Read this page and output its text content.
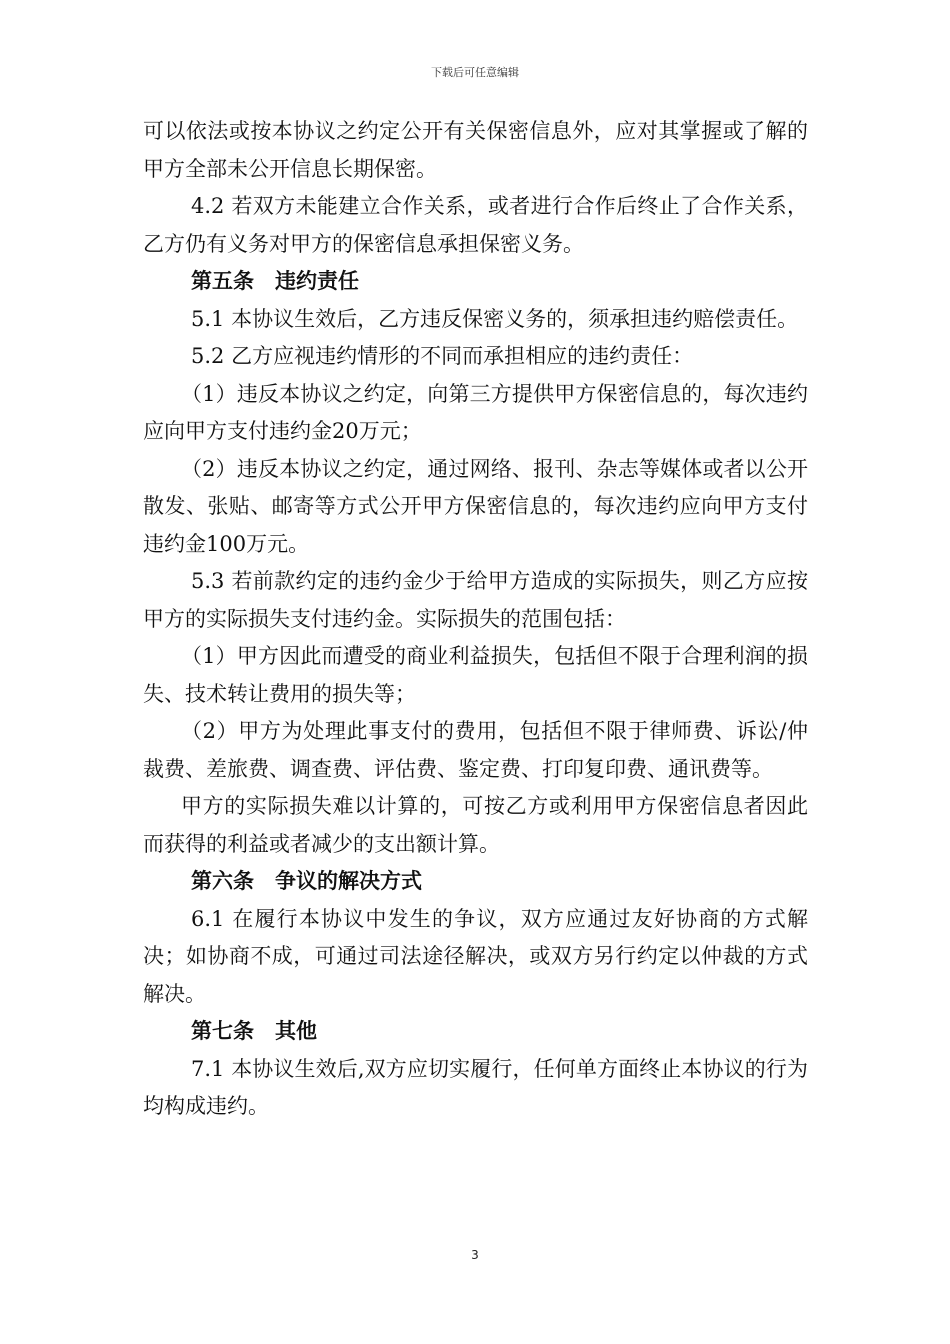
下载后可任意编辑

可以依法或按本协议之约定公开有关保密信息外，应对其掌握或了解的甲方全部未公开信息长期保密。

4.2 若双方未能建立合作关系，或者进行合作后终止了合作关系，乙方仍有义务对甲方的保密信息承担保密义务。

第五条　违约责任

5.1 本协议生效后，乙方违反保密义务的，须承担违约赔偿责任。

5.2 乙方应视违约情形的不同而承担相应的违约责任：

（1）违反本协议之约定，向第三方提供甲方保密信息的，每次违约应向甲方支付违约金20万元；

（2）违反本协议之约定，通过网络、报刊、杂志等媒体或者以公开散发、张贴、邮寄等方式公开甲方保密信息的，每次违约应向甲方支付违约金100万元。

5.3 若前款约定的违约金少于给甲方造成的实际损失，则乙方应按甲方的实际损失支付违约金。实际损失的范围包括：

（1）甲方因此而遭受的商业利益损失，包括但不限于合理利润的损失、技术转让费用的损失等；

（2）甲方为处理此事支付的费用，包括但不限于律师费、诉讼/仲裁费、差旅费、调查费、评估费、鉴定费、打印复印费、通讯费等。

甲方的实际损失难以计算的，可按乙方或利用甲方保密信息者因此而获得的利益或者减少的支出额计算。

第六条　争议的解决方式

6.1 在履行本协议中发生的争议，双方应通过友好协商的方式解决；如协商不成，可通过司法途径解决，或双方另行约定以仲裁的方式解决。

第七条　其他

7.1 本协议生效后,双方应切实履行，任何单方面终止本协议的行为均构成违约。

3
